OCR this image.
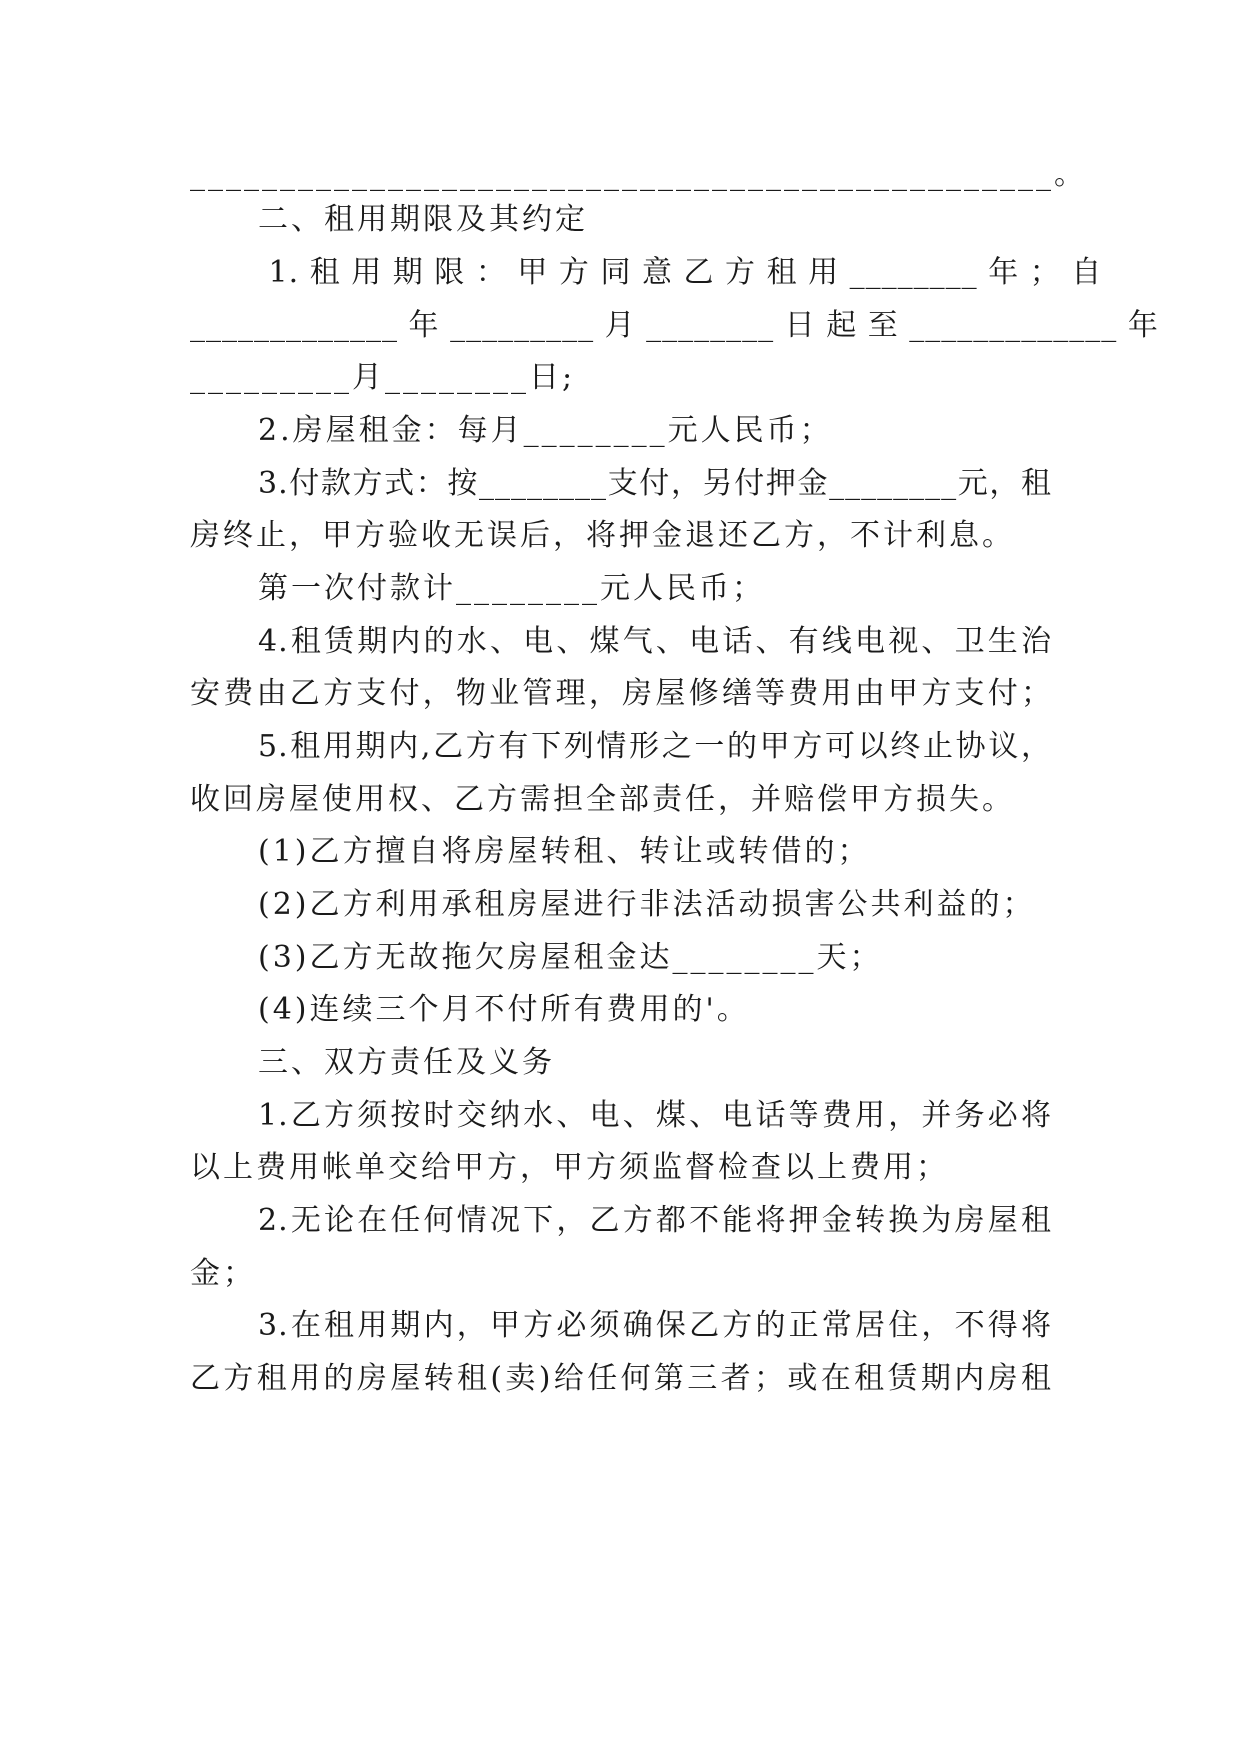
________________________________________________。
二、租用期限及其约定
1. 租 用 期 限 ： 甲 方 同 意 乙 方 租 用 ________ 年 ； 自
_____________ 年 _________ 月 ________ 日 起 至 _____________ 年
_________月________日;
2.房屋租金：每月________元人民币；
3.付款方式：按________支付，另付押金________元，租
房终止，甲方验收无误后，将押金退还乙方，不计利息。
第一次付款计________元人民币；
4.租赁期内的水、电、煤气、电话、有线电视、卫生治
安费由乙方支付，物业管理，房屋修缮等费用由甲方支付；
5.租用期内,乙方有下列情形之一的甲方可以终止协议，
收回房屋使用权、乙方需担全部责任，并赔偿甲方损失。
(1)乙方擅自将房屋转租、转让或转借的；
(2)乙方利用承租房屋进行非法活动损害公共利益的；
(3)乙方无故拖欠房屋租金达________天；
(4)连续三个月不付所有费用的'。
三、双方责任及义务
1.乙方须按时交纳水、电、煤、电话等费用，并务必将
以上费用帐单交给甲方，甲方须监督检查以上费用；
2.无论在任何情况下，乙方都不能将押金转换为房屋租
金；
3.在租用期内，甲方必须确保乙方的正常居住，不得将
乙方租用的房屋转租(卖)给任何第三者；或在租赁期内房租
